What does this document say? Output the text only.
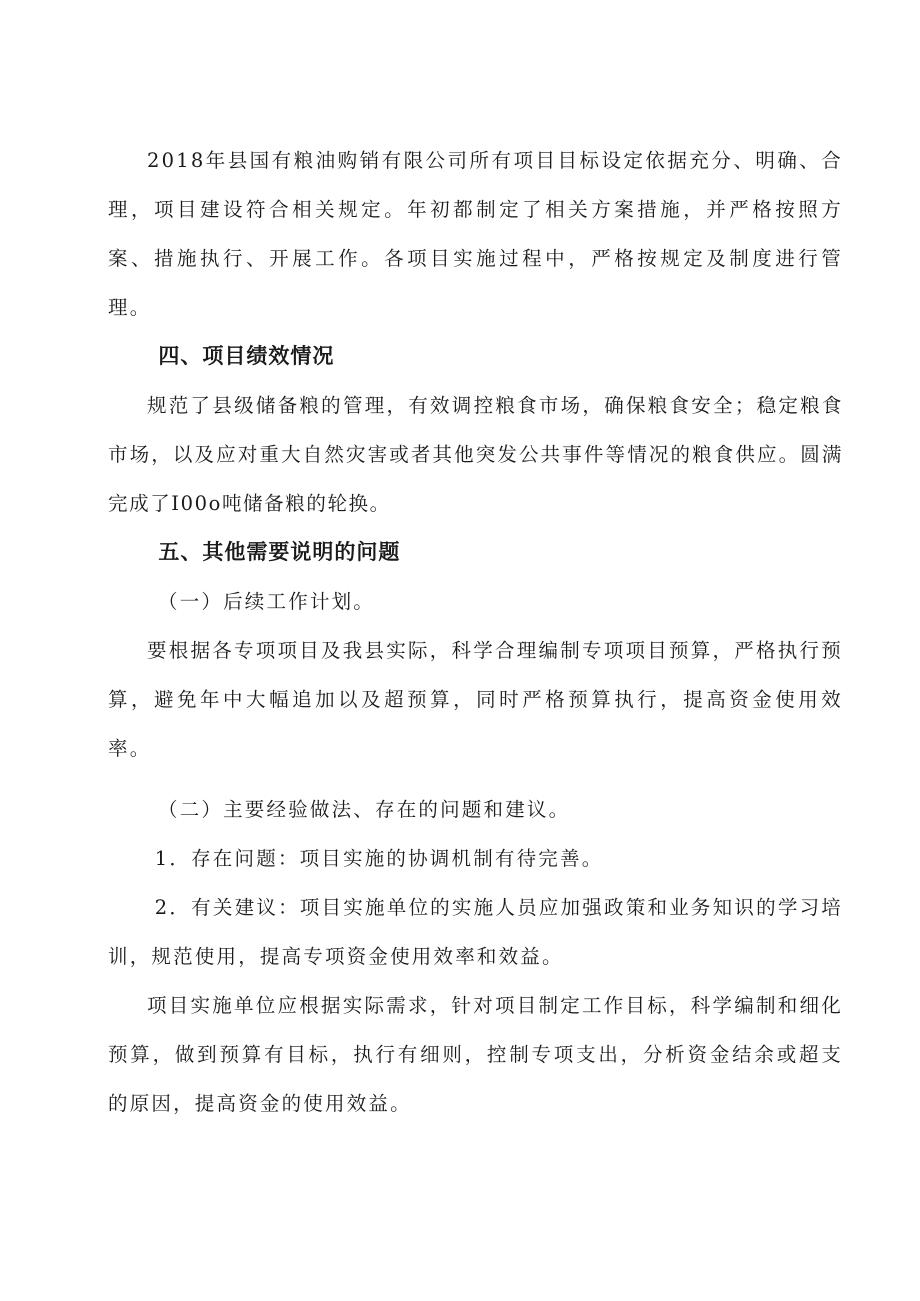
2018年县国有粮油购销有限公司所有项目目标设定依据充分、明确、合理，项目建设符合相关规定。年初都制定了相关方案措施，并严格按照方案、措施执行、开展工作。各项目实施过程中，严格按规定及制度进行管理。

四、项目绩效情况

规范了县级储备粮的管理，有效调控粮食市场，确保粮食安全；稳定粮食市场，以及应对重大自然灾害或者其他突发公共事件等情况的粮食供应。圆满完成了I00o吨储备粮的轮换。

五、其他需要说明的问题

（一）后续工作计划。

要根据各专项项目及我县实际，科学合理编制专项项目预算，严格执行预算，避免年中大幅追加以及超预算，同时严格预算执行，提高资金使用效率。

（二）主要经验做法、存在的问题和建议。

1．存在问题：项目实施的协调机制有待完善。

2．有关建议：项目实施单位的实施人员应加强政策和业务知识的学习培训，规范使用，提高专项资金使用效率和效益。

项目实施单位应根据实际需求，针对项目制定工作目标，科学编制和细化预算，做到预算有目标，执行有细则，控制专项支出，分析资金结余或超支的原因，提高资金的使用效益。
